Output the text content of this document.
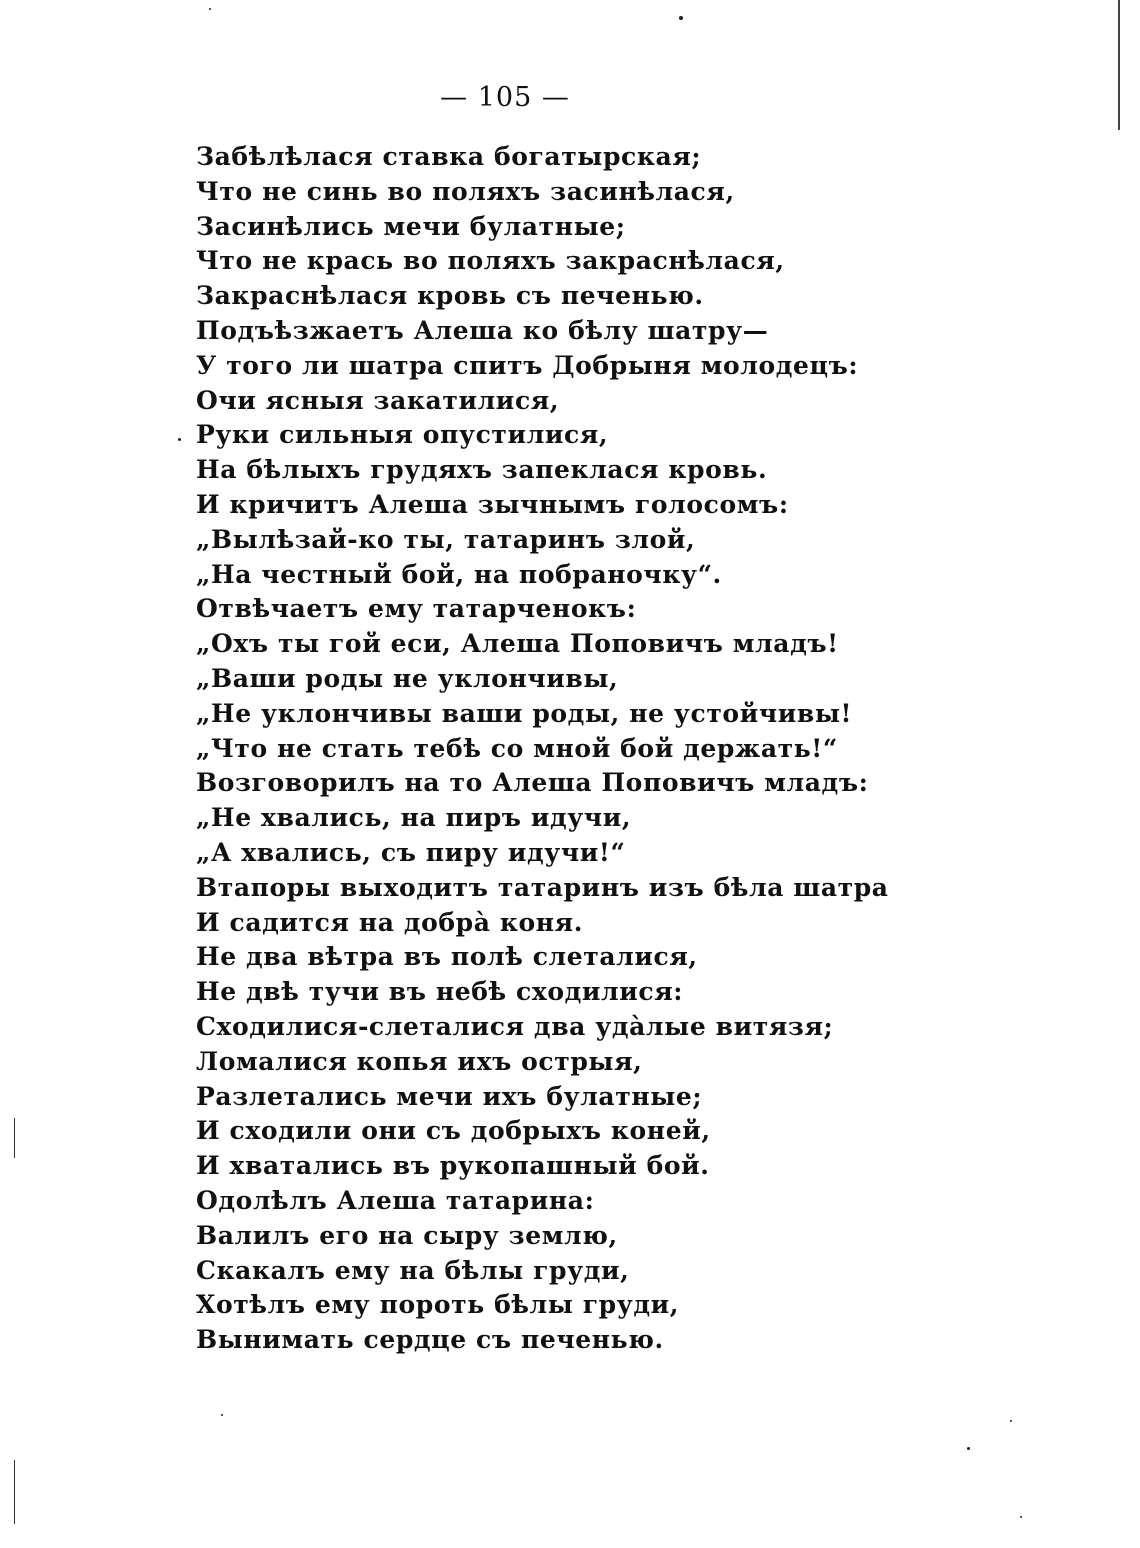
— 105 —
Забѣлѣлася ставка богатырская;
Что не синь во поляхъ засинѣлася,
Засинѣлись мечи булатные;
Что не крась во поляхъ закраснѣлася,
Закраснѣлася кровь съ печенью.
Подъѣзжаетъ Алеша ко бѣлу шатру—
У того ли шатра спитъ Добрыня молодецъ:
Очи ясныя закатилися,
Руки сильныя опустилися,
На бѣлыхъ грудяхъ запеклася кровь.
И кричитъ Алеша зычнымъ голосомъ:
„Вылѣзай-ко ты, татаринъ злой,
„На честный бой, на побраночку“.
Отвѣчаетъ ему татарченокъ:
„Охъ ты гой еси, Алеша Поповичъ младъ!
„Ваши роды не уклончивы,
„Не уклончивы ваши роды, не устойчивы!
„Что не стать тебѣ со мной бой держать!“
Возговорилъ на то Алеша Поповичъ младъ:
„Не хвались, на пиръ идучи,
„А хвались, съ пиру идучи!“
Втапоры выходитъ татаринъ изъ бѣла шатра
И садится на добрà коня.
Не два вѣтра въ полѣ слеталися,
Не двѣ тучи въ небѣ сходилися:
Сходилися-слеталися два удàлые витязя;
Ломалися копья ихъ острыя,
Разлетались мечи ихъ булатные;
И сходили они съ добрыхъ коней,
И хватались въ рукопашный бой.
Одолѣлъ Алеша татарина:
Валилъ его на сыру землю,
Скакалъ ему на бѣлы груди,
Хотѣлъ ему пороть бѣлы груди,
Вынимать сердце съ печенью.
